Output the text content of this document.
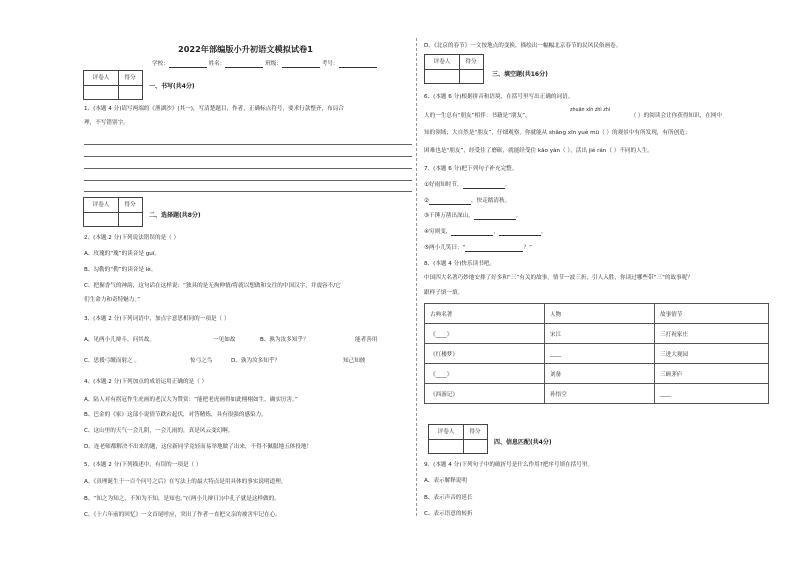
2022年部编版小升初语文模拟试卷1
学校：	姓名：	班级：	考号：
评卷人	得分
一、书写(共4分)
1、(本题 4 分)请写两端的《渔湖沙》(其一)，写清楚题目，作者，正确标点符号，要求行款整齐，布局合
理，不写错别字。
评卷人	得分
二、选择题(共8分)
2、(本题 2 分)下列说法错误的是（ ）
A、玫瑰的“瑰”的读音是 guī。
B、勾勒的“勒”的读音是 lè。
C、把握香气的神韵，这句话在这样说：“独具的是无拘伸情/将就以想做和交往的中国汉字，并震容不/它
们生命力和奇特魅力。”
3、(本题 2 分)下列词语中，加点字意思相同的一项是（ ）
A、见两小儿辩斗，问其故。	一见如故	B、孰为汝多知乎？	能者善用
C、思援弓缴而射之 。	惊弓之鸟	D、孰为汝多知乎？	知己知彼
4、(本题 2 分)下列加点的成语运用正确的是（ ）
A、陆人对有拐冠作生虎画的老汉大为赞赏：“能把老虎画得如此栩栩如生，确实厉害。”
B、巴金的《家》这部小说情节跌宕起伏，对答精炼，具有很强的感染力。
C、这山里的天气一会儿阴，一会儿雨的，真是风云变幻啊。
D、连老师都解决不出来的题，这位新同学竟轻而易举地做了出来，不得不佩服地五体投地！
5、(本题 2 分)下列描述中，有误的一项是（ ）
A、《真理诞生于一百个问号之后》在写法上的最大特点是用具体的事实说明道理。
B、“知之为知之，不知为不知，是知也。”(《两小儿辩日》)中孔子就是这样做的。
C、《十六年前的回忆》一文首尾呼应，突出了作者一直把父亲的被害牢记在心。
D、《北京的春节》一文按地点的变换，描绘出一幅幅北京春节的民风民俗画卷。
评卷人	得分
三、填空题(共16分)
6、(本题 6 分)根据拼音和语境，在括号里写出正确的词语。
zhuān xīn zhì zhì
人的一生总有“朋友”相伴：书籍是“朋友”，	（ ）的阅读会让你获得知识，在网中
知的领域；大自然是“朋友”，仔细观察，你就能从 shǎng xīn yuè mù（ ）的观景中有所发现，有所创造；
困难也是“朋友”，经受住了磨砺，就能经受住 kǎo yàn（ ），活出 jié rán（ ）不同的人生。
7、(本题 6 分)把下列句子补充完整。
①好雨知时节，	。
②	，快走踏清秋。
③千锤万凿出深山，	。
④穷则变，	，	。
⑤两小儿笑曰：“	？”
8、(本题 4 分)快乐读书吧。
中国四大名著巧妙地安排了好多和“三”有关的故事，情节一波三折，引人入胜，你读过哪些带“三”的故事呢？
跟样子填一填。
古典名著	人物	故事情节
《____》	宋江	三打祝家庄
《红楼梦》	____	三进大观园
《____》	刘备	三顾茅庐
《西游记》	孙悟空	____
评卷人	得分
四、信息匹配(共4分)
9、(本题 4 分)下列句子中的破折号是什么作用?把序号填在括号里。
A、表示解释说明
B、表示声音的延长
C、表示语意的转折
